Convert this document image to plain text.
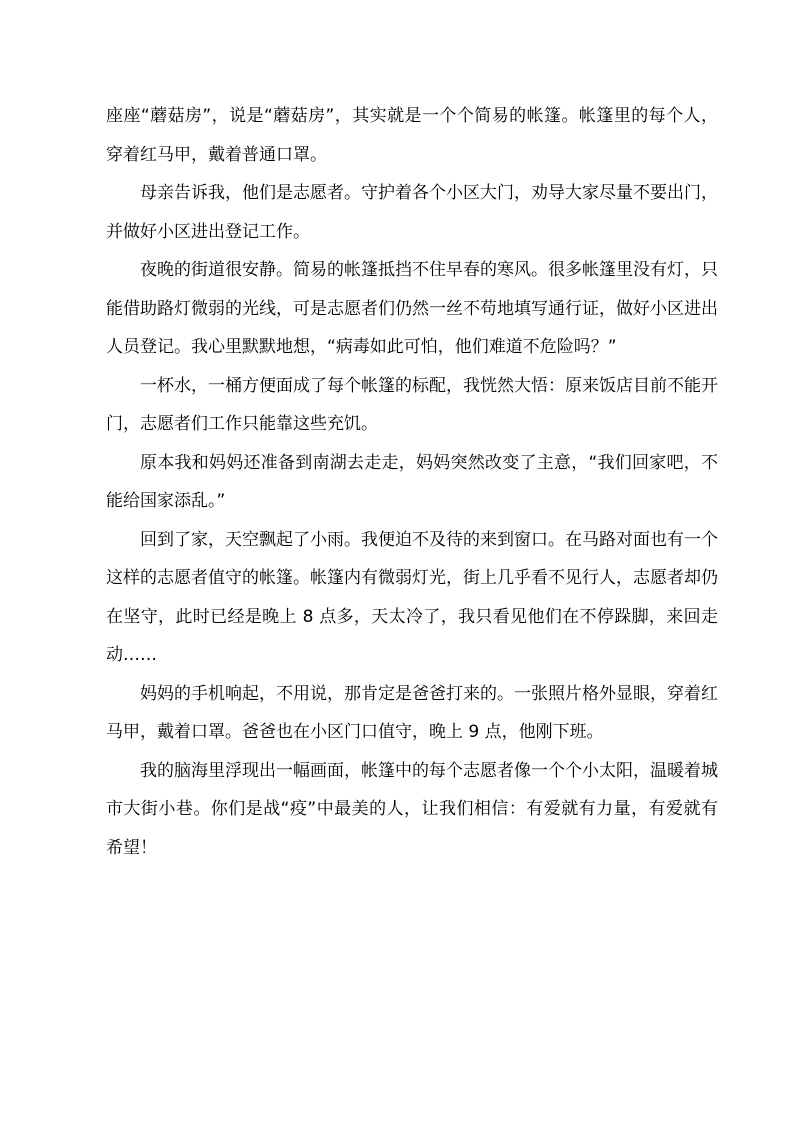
座座“蘑菇房”，说是“蘑菇房”，其实就是一个个简易的帐篷。帐篷里的每个人，穿着红马甲，戴着普通口罩。

母亲告诉我，他们是志愿者。守护着各个小区大门，劝导大家尽量不要出门，并做好小区进出登记工作。

夜晚的街道很安静。简易的帐篷抵挡不住早春的寒风。很多帐篷里没有灯，只能借助路灯微弱的光线，可是志愿者们仍然一丝不苟地填写通行证，做好小区进出人员登记。我心里默默地想，“病毒如此可怕，他们难道不危险吗？”

一杯水，一桶方便面成了每个帐篷的标配，我恍然大悟：原来饭店目前不能开门，志愿者们工作只能靠这些充饥。

原本我和妈妈还准备到南湖去走走，妈妈突然改变了主意，“我们回家吧，不能给国家添乱。”

回到了家，天空飘起了小雨。我便迫不及待的来到窗口。在马路对面也有一个这样的志愿者值守的帐篷。帐篷内有微弱灯光，街上几乎看不见行人，志愿者却仍在坚守，此时已经是晚上 8 点多，天太冷了，我只看见他们在不停跺脚，来回走动……

妈妈的手机响起，不用说，那肯定是爸爸打来的。一张照片格外显眼，穿着红马甲，戴着口罩。爸爸也在小区门口值守，晚上 9 点，他刚下班。

我的脑海里浮现出一幅画面，帐篷中的每个志愿者像一个个小太阳，温暖着城市大街小巷。你们是战“疫”中最美的人，让我们相信：有爱就有力量，有爱就有希望！
